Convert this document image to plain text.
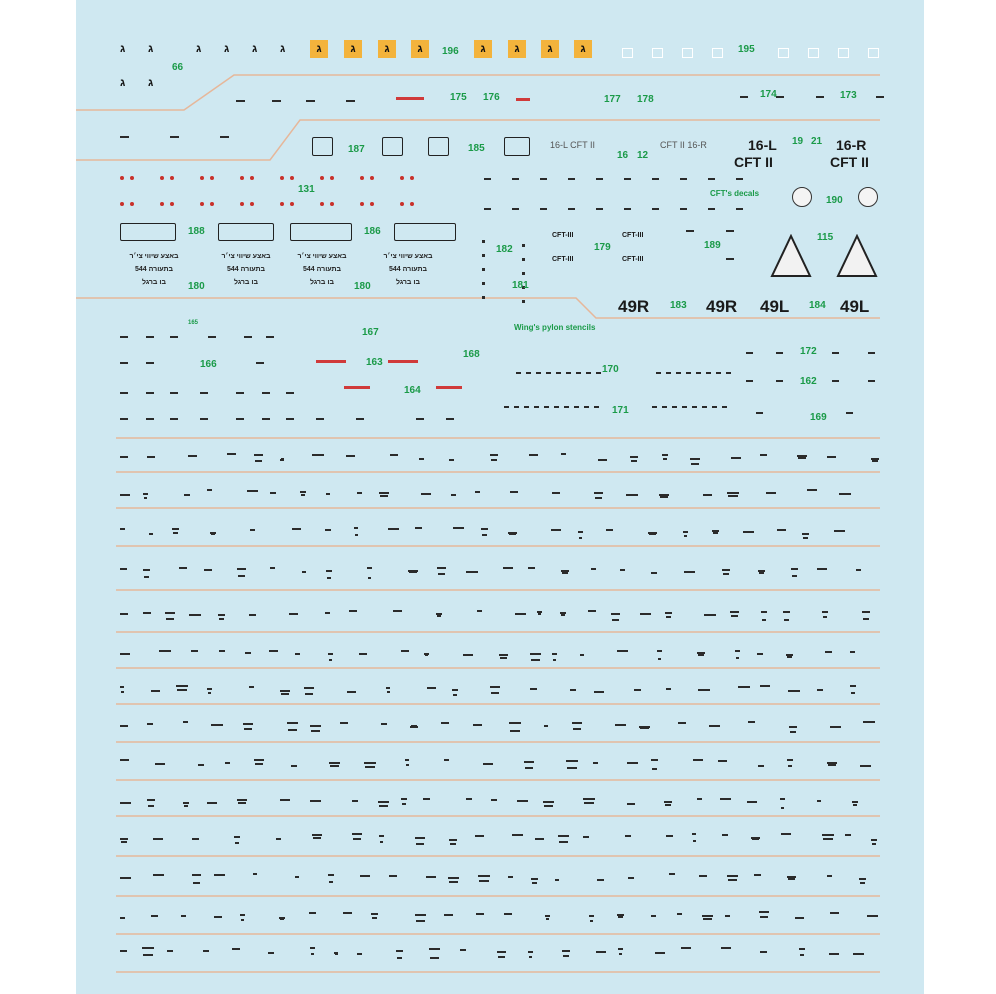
ג ג	ג ג ג ג
ג ג
66
ג	ג	ג	ג	196	ג	ג	ג	ג	195
175 176	177 178	174	173
187	185	16-L CFT II
16 12
CFT II 16-R	16-L
CFT II
19 21 16-R
CFT II
131	CFT's decals
190
188	186
182
CFT-III
179
CFT-III
CFT-III	CFT-III
189
115
באצע שיווי צי׳ר
בתעורה 544
בו ברגל
באצע שיווי צי׳ר
בתעורה 544
בו ברגל
באצע שיווי צי׳ר
בתעורה 544
בו ברגל
באצע שיווי צי׳ר
בתעורה 544
בו ברגל
180	180	181
49R 183 49R 49L 184 49L
165
167	Wing's pylon stencils
168
166	163
170
172
164
162
171
169
